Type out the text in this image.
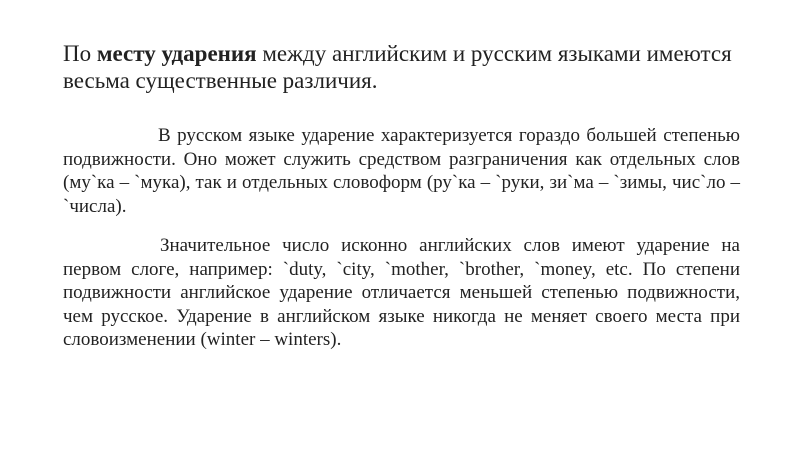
По месту ударения между английским и русским языками имеются весьма существенные различия.

В русском языке ударение характеризуется гораздо большей степенью подвижности. Оно может служить средством разграничения как отдельных слов (му`ка – `мука), так и отдельных словоформ (ру`ка – `руки, зи`ма – `зимы, чис`ло – `числа).

Значительное число исконно английских слов имеют ударение на первом слоге, например: `duty, `city, `mother, `brother, `money, etc. По степени подвижности английское ударение отличается меньшей степенью подвижности, чем русское. Ударение в английском языке никогда не меняет своего места при словоизменении (winter – winters).
